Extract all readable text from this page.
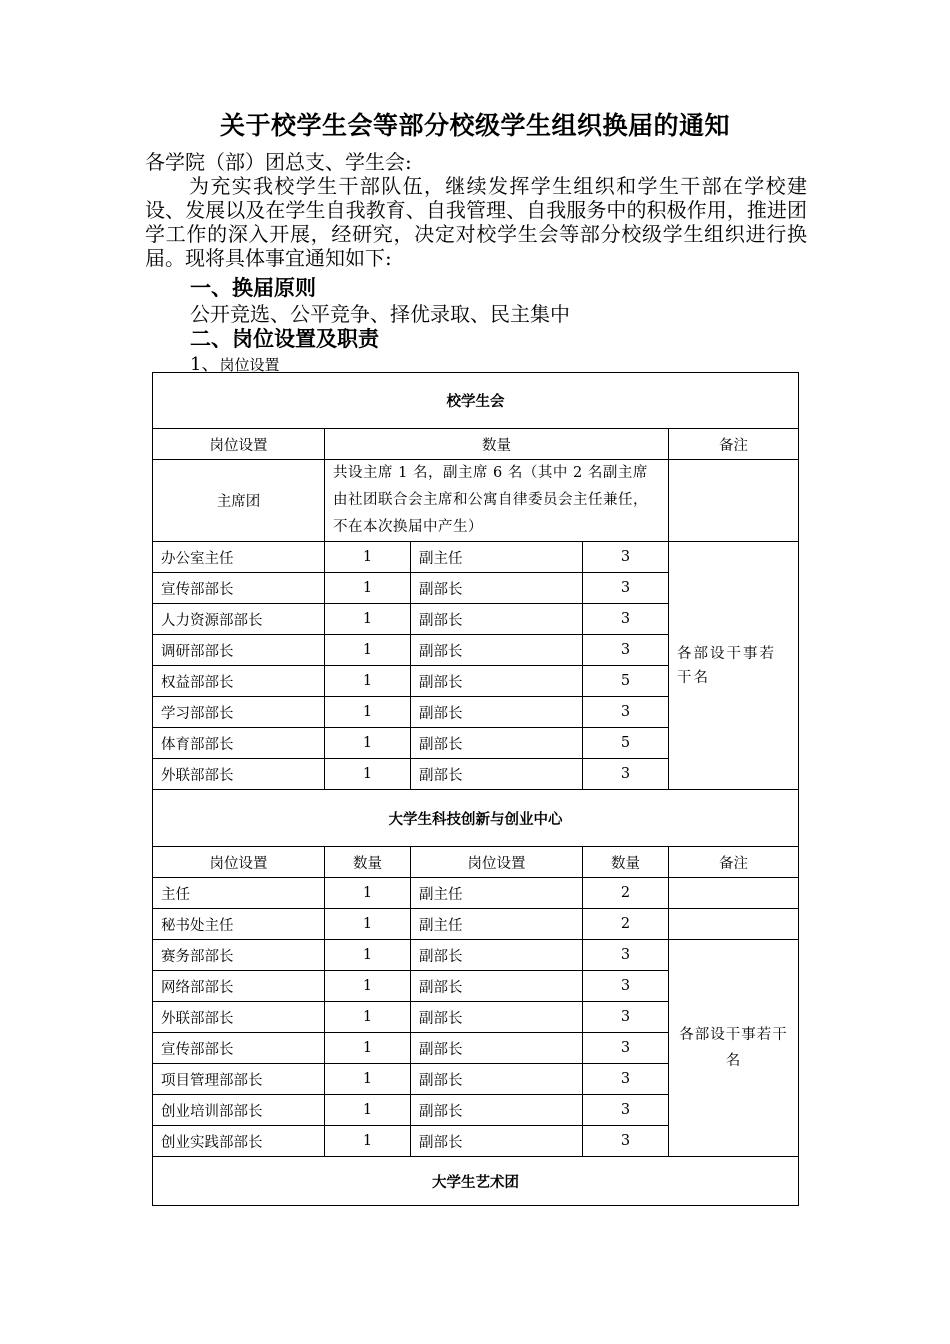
关于校学生会等部分校级学生组织换届的通知
各学院（部）团总支、学生会:
为充实我校学生干部队伍，继续发挥学生组织和学生干部在学校建设、发展以及在学生自我教育、自我管理、自我服务中的积极作用，推进团学工作的深入开展，经研究，决定对校学生会等部分校级学生组织进行换届。现将具体事宜通知如下:
一、换届原则
公开竞选、公平竞争、择优录取、民主集中
二、岗位设置及职责
1、岗位设置
校学生会				
岗位设置	数量			备注
主席团	共设主席 1 名，副主席 6 名（其中 2 名副主席由社团联合会主席和公寓自律委员会主任兼任，不在本次换届中产生）			
办公室主任	1	副主任	3	各部设干事若干名
宣传部部长	1	副部长	3	
人力资源部部长	1	副部长	3	
调研部部长	1	副部长	3	
权益部部长	1	副部长	5	
学习部部长	1	副部长	3	
体育部部长	1	副部长	5	
外联部部长	1	副部长	3	
大学生科技创新与创业中心				
岗位设置	数量	岗位设置	数量	备注
主任	1	副主任	2	
秘书处主任	1	副主任	2	
赛务部部长	1	副部长	3	各部设干事若干名
网络部部长	1	副部长	3	
外联部部长	1	副部长	3	
宣传部部长	1	副部长	3	
项目管理部部长	1	副部长	3	
创业培训部部长	1	副部长	3	
创业实践部部长	1	副部长	3	
大学生艺术团				
